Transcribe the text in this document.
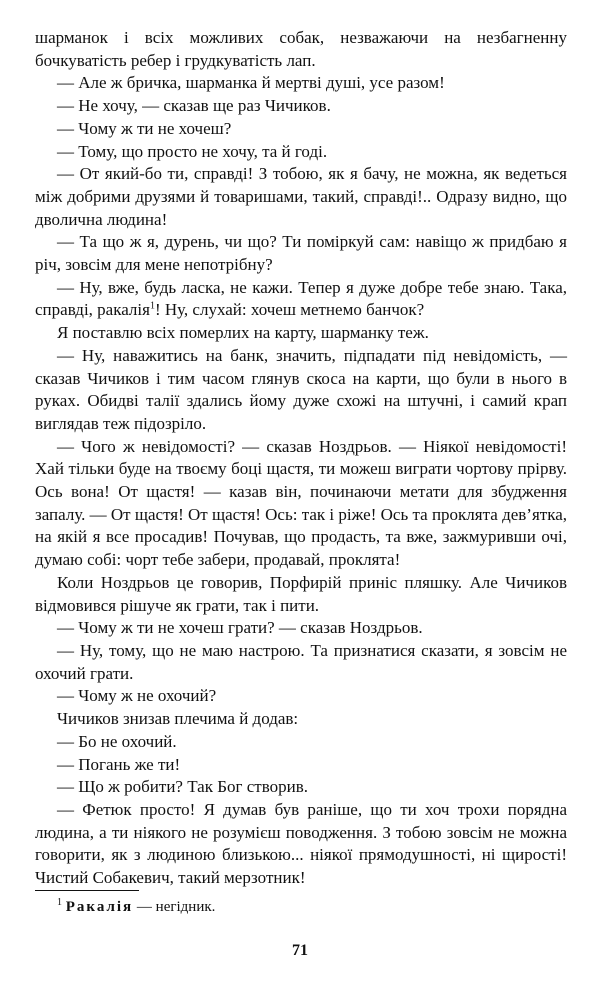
шарманок і всіх можливих собак, незважаючи на незбагненну бочкуватість ребер і грудкуватість лап.

— Але ж бричка, шарманка й мертві душі, усе разом!

— Не хочу, — сказав ще раз Чичиков.

— Чому ж ти не хочеш?

— Тому, що просто не хочу, та й годі.

— От який-бо ти, справді! З тобою, як я бачу, не можна, як ведеться між добрими друзями й товаришами, такий, справді!.. Одразу видно, що дволична людина!

— Та що ж я, дурень, чи що? Ти поміркуй сам: навіщо ж придбаю я річ, зовсім для мене непотрібну?

— Ну, вже, будь ласка, не кажи. Тепер я дуже добре тебе знаю. Така, справді, ракалія$^1$! Ну, слухай: хочеш метнемо банчок?

Я поставлю всіх померлих на карту, шарманку теж.

— Ну, наважитись на банк, значить, підпадати під невідомість, — сказав Чичиков і тим часом глянув скоса на карти, що були в нього в руках. Обидві талії здались йому дуже схожі на штучні, і самий крап виглядав теж підозріло.

— Чого ж невідомості? — сказав Ноздрьов. — Ніякої невідомості! Хай тільки буде на твоєму боці щастя, ти можеш виграти чортову прірву. Ось вона! От щастя! — казав він, починаючи метати для збудження запалу. — От щастя! От щастя! Ось: так і ріже! Ось та проклята дев’ятка, на якій я все просадив! Почував, що продасть, та вже, зажмуривши очі, думаю собі: чорт тебе забери, продавай, проклята!

Коли Ноздрьов це говорив, Порфирій приніс пляшку. Але Чичиков відмовився рішуче як грати, так і пити.

— Чому ж ти не хочеш грати? — сказав Ноздрьов.

— Ну, тому, що не маю настрою. Та признатися сказати, я зовсім не охочий грати.

— Чому ж не охочий?

Чичиков знизав плечима й додав:

— Бо не охочий.

— Погань же ти!

— Що ж робити? Так Бог створив.

— Фетюк просто! Я думав був раніше, що ти хоч трохи порядна людина, а ти ніякого не розумієш поводження. З тобою зовсім не можна говорити, як з людиною близькою... ніякої прямодушності, ні щирості! Чистий Собакевич, такий мерзотник!

$^1$ Ракалія — негідник.
71
